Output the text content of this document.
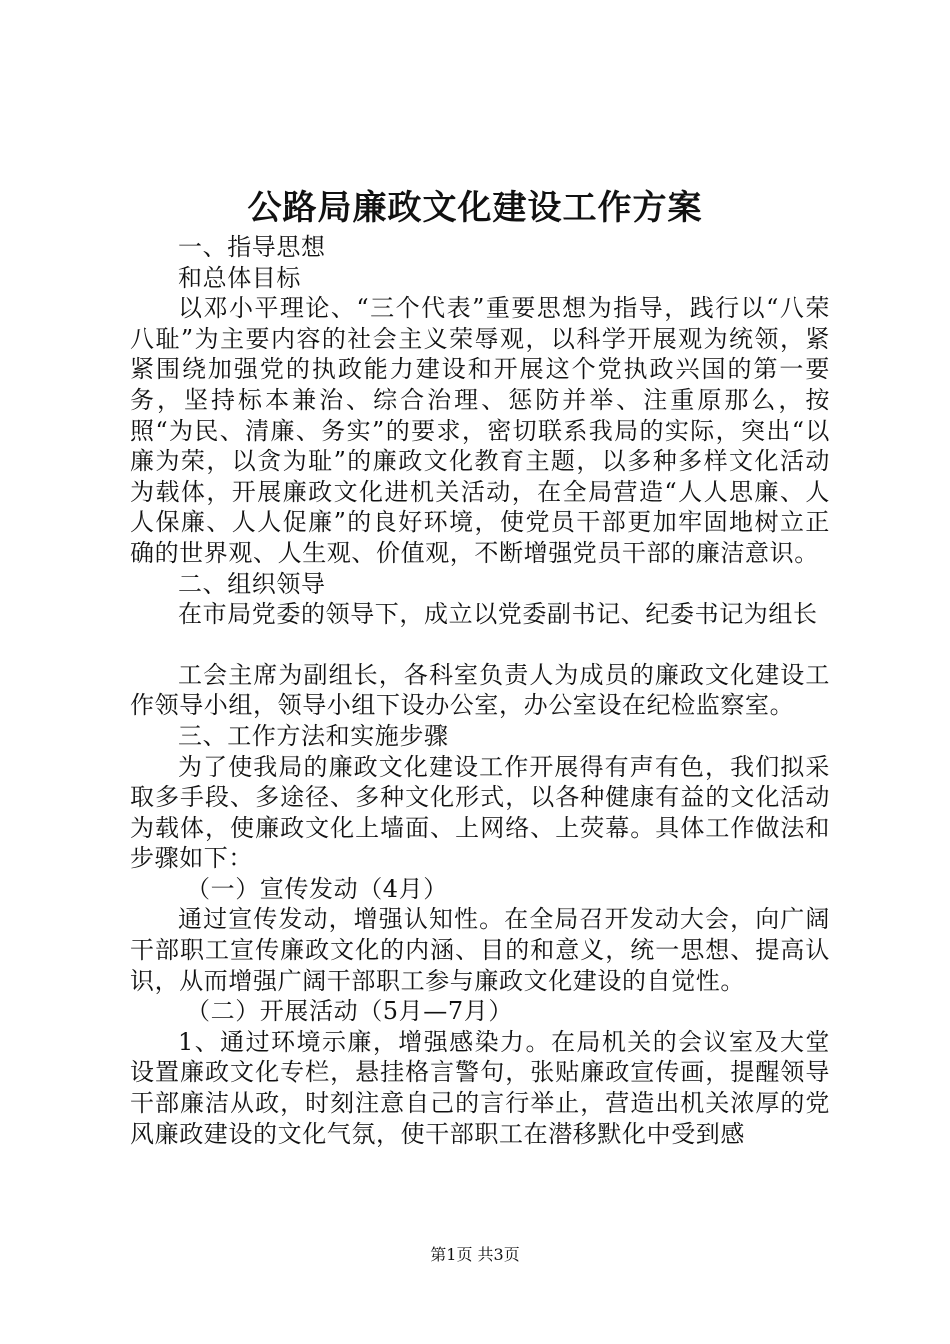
公路局廉政文化建设工作方案

一、指导思想

和总体目标

以邓小平理论、“三个代表”重要思想为指导，践行以“八荣八耻”为主要内容的社会主义荣辱观，以科学开展观为统领，紧紧围绕加强党的执政能力建设和开展这个党执政兴国的第一要务，坚持标本兼治、综合治理、惩防并举、注重原那么，按照“为民、清廉、务实”的要求，密切联系我局的实际，突出“以廉为荣，以贪为耻”的廉政文化教育主题，以多种多样文化活动为载体，开展廉政文化进机关活动，在全局营造“人人思廉、人人保廉、人人促廉”的良好环境，使党员干部更加牢固地树立正确的世界观、人生观、价值观，不断增强党员干部的廉洁意识。

二、组织领导

在市局党委的领导下，成立以党委副书记、纪委书记为组长

工会主席为副组长，各科室负责人为成员的廉政文化建设工作领导小组，领导小组下设办公室，办公室设在纪检监察室。

三、工作方法和实施步骤

为了使我局的廉政文化建设工作开展得有声有色，我们拟采取多手段、多途径、多种文化形式，以各种健康有益的文化活动为载体，使廉政文化上墙面、上网络、上荧幕。具体工作做法和步骤如下：

（一）宣传发动（4月）

通过宣传发动，增强认知性。在全局召开发动大会，向广阔干部职工宣传廉政文化的内涵、目的和意义，统一思想、提高认识，从而增强广阔干部职工参与廉政文化建设的自觉性。

（二）开展活动（5月—7月）

1、通过环境示廉，增强感染力。在局机关的会议室及大堂设置廉政文化专栏，悬挂格言警句，张贴廉政宣传画，提醒领导干部廉洁从政，时刻注意自己的言行举止，营造出机关浓厚的党风廉政建设的文化气氛，使干部职工在潜移默化中受到感

第1页 共3页
